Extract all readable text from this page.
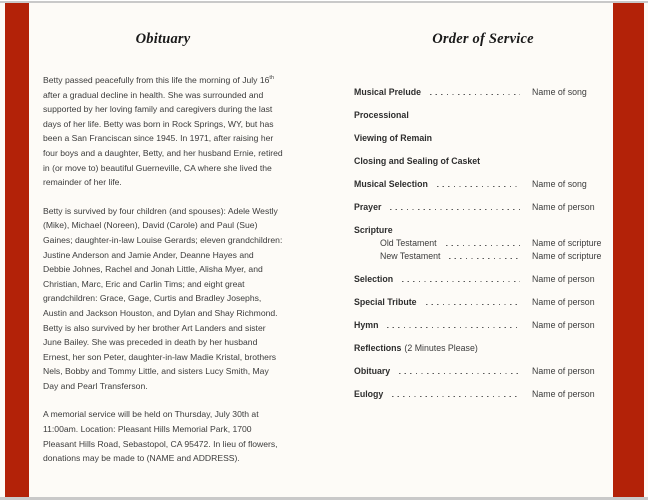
Obituary

Betty passed peacefully from this life the morning of July 16th after a gradual decline in health. She was surrounded and supported by her loving family and caregivers during the last days of her life. Betty was born in Rock Springs, WY, but has been a San Franciscan since 1945. In 1971, after raising her four boys and a daughter, Betty, and her husband Ernie, retired in (or move to) beautiful Guerneville, CA where she lived the remainder of her life.

Betty is survived by four children (and spouses): Adele Westly (Mike), Michael (Noreen), David (Carole) and Paul (Sue) Gaines; daughter-in-law Louise Gerards; eleven grandchildren: Justine Anderson and Jamie Ander, Deanne Hayes and Debbie Johnes, Rachel and Jonah Little, Alisha Myer, and Christian, Marc, Eric and Carlin Tims; and eight great grandchildren: Grace, Gage, Curtis and Bradley Josephs, Austin and Jackson Houston, and Dylan and Shay Richmond. Betty is also survived by her brother Art Landers and sister June Bailey. She was preceded in death by her husband Ernest, her son Peter, daughter-in-law Madie Kristal, brothers Nels, Bobby and Tommy Little, and sisters Lucy Smith, May Day and Pearl Transferson.

A memorial service will be held on Thursday, July 30th at 11:00am. Location: Pleasant Hills Memorial Park, 1700 Pleasant Hills Road, Sebastopol, CA 95472. In lieu of flowers, donations may be made to (NAME and ADDRESS).

Order of Service
Musical Prelude	Name of song
Processional
Viewing of Remain
Closing and Sealing of Casket
Musical Selection	Name of song
Prayer	Name of person
Scripture
Old Testament	Name of scripture
New Testament	Name of scripture
Selection	Name of person
Special Tribute	Name of person
Hymn	Name of person
Reflections (2 Minutes Please)
Obituary	Name of person
Eulogy	Name of person
